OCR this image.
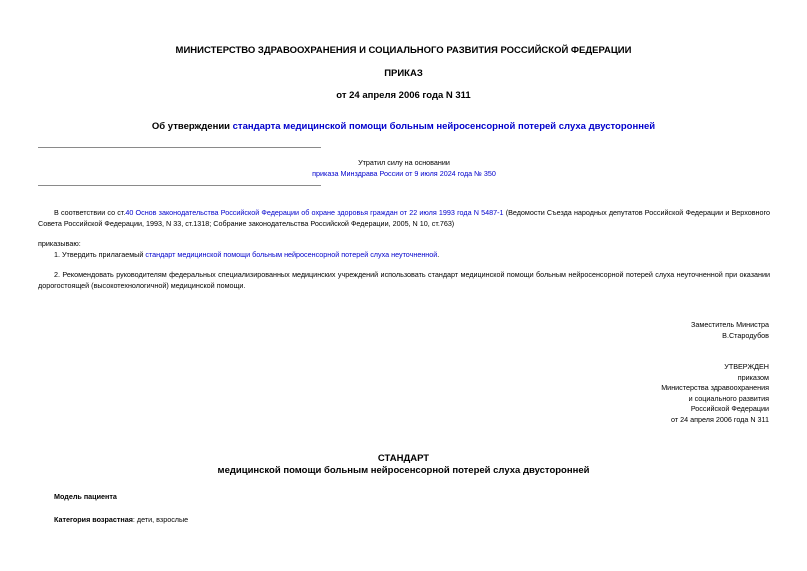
МИНИСТЕРСТВО ЗДРАВООХРАНЕНИЯ И СОЦИАЛЬНОГО РАЗВИТИЯ РОССИЙСКОЙ ФЕДЕРАЦИИ
ПРИКАЗ
от 24 апреля 2006 года N 311
Об утверждении стандарта медицинской помощи больным нейросенсорной потерей слуха двусторонней
Утратил силу на основании
приказа Минздрава России от 9 июля 2024 года № 350
В соответствии со ст.40 Основ законодательства Российской Федерации об охране здоровья граждан от 22 июля 1993 года N 5487-1 (Ведомости Съезда народных депутатов Российской Федерации и Верховного Совета Российской Федерации, 1993, N 33, ст.1318; Собрание законодательства Российской Федерации, 2005, N 10, ст.763)
приказываю:
1. Утвердить прилагаемый стандарт медицинской помощи больным нейросенсорной потерей слуха неуточненной.
2. Рекомендовать руководителям федеральных специализированных медицинских учреждений использовать стандарт медицинской помощи больным нейросенсорной потерей слуха неуточненной при оказании дорогостоящей (высокотехнологичной) медицинской помощи.
Заместитель Министра
В.Стародубов
УТВЕРЖДЕН
приказом
Министерства здравоохранения
и социального развития
Российской Федерации
от 24 апреля 2006 года N 311
СТАНДАРТ
медицинской помощи больным нейросенсорной потерей слуха двусторонней
Модель пациента
Категория возрастная: дети, взрослые
